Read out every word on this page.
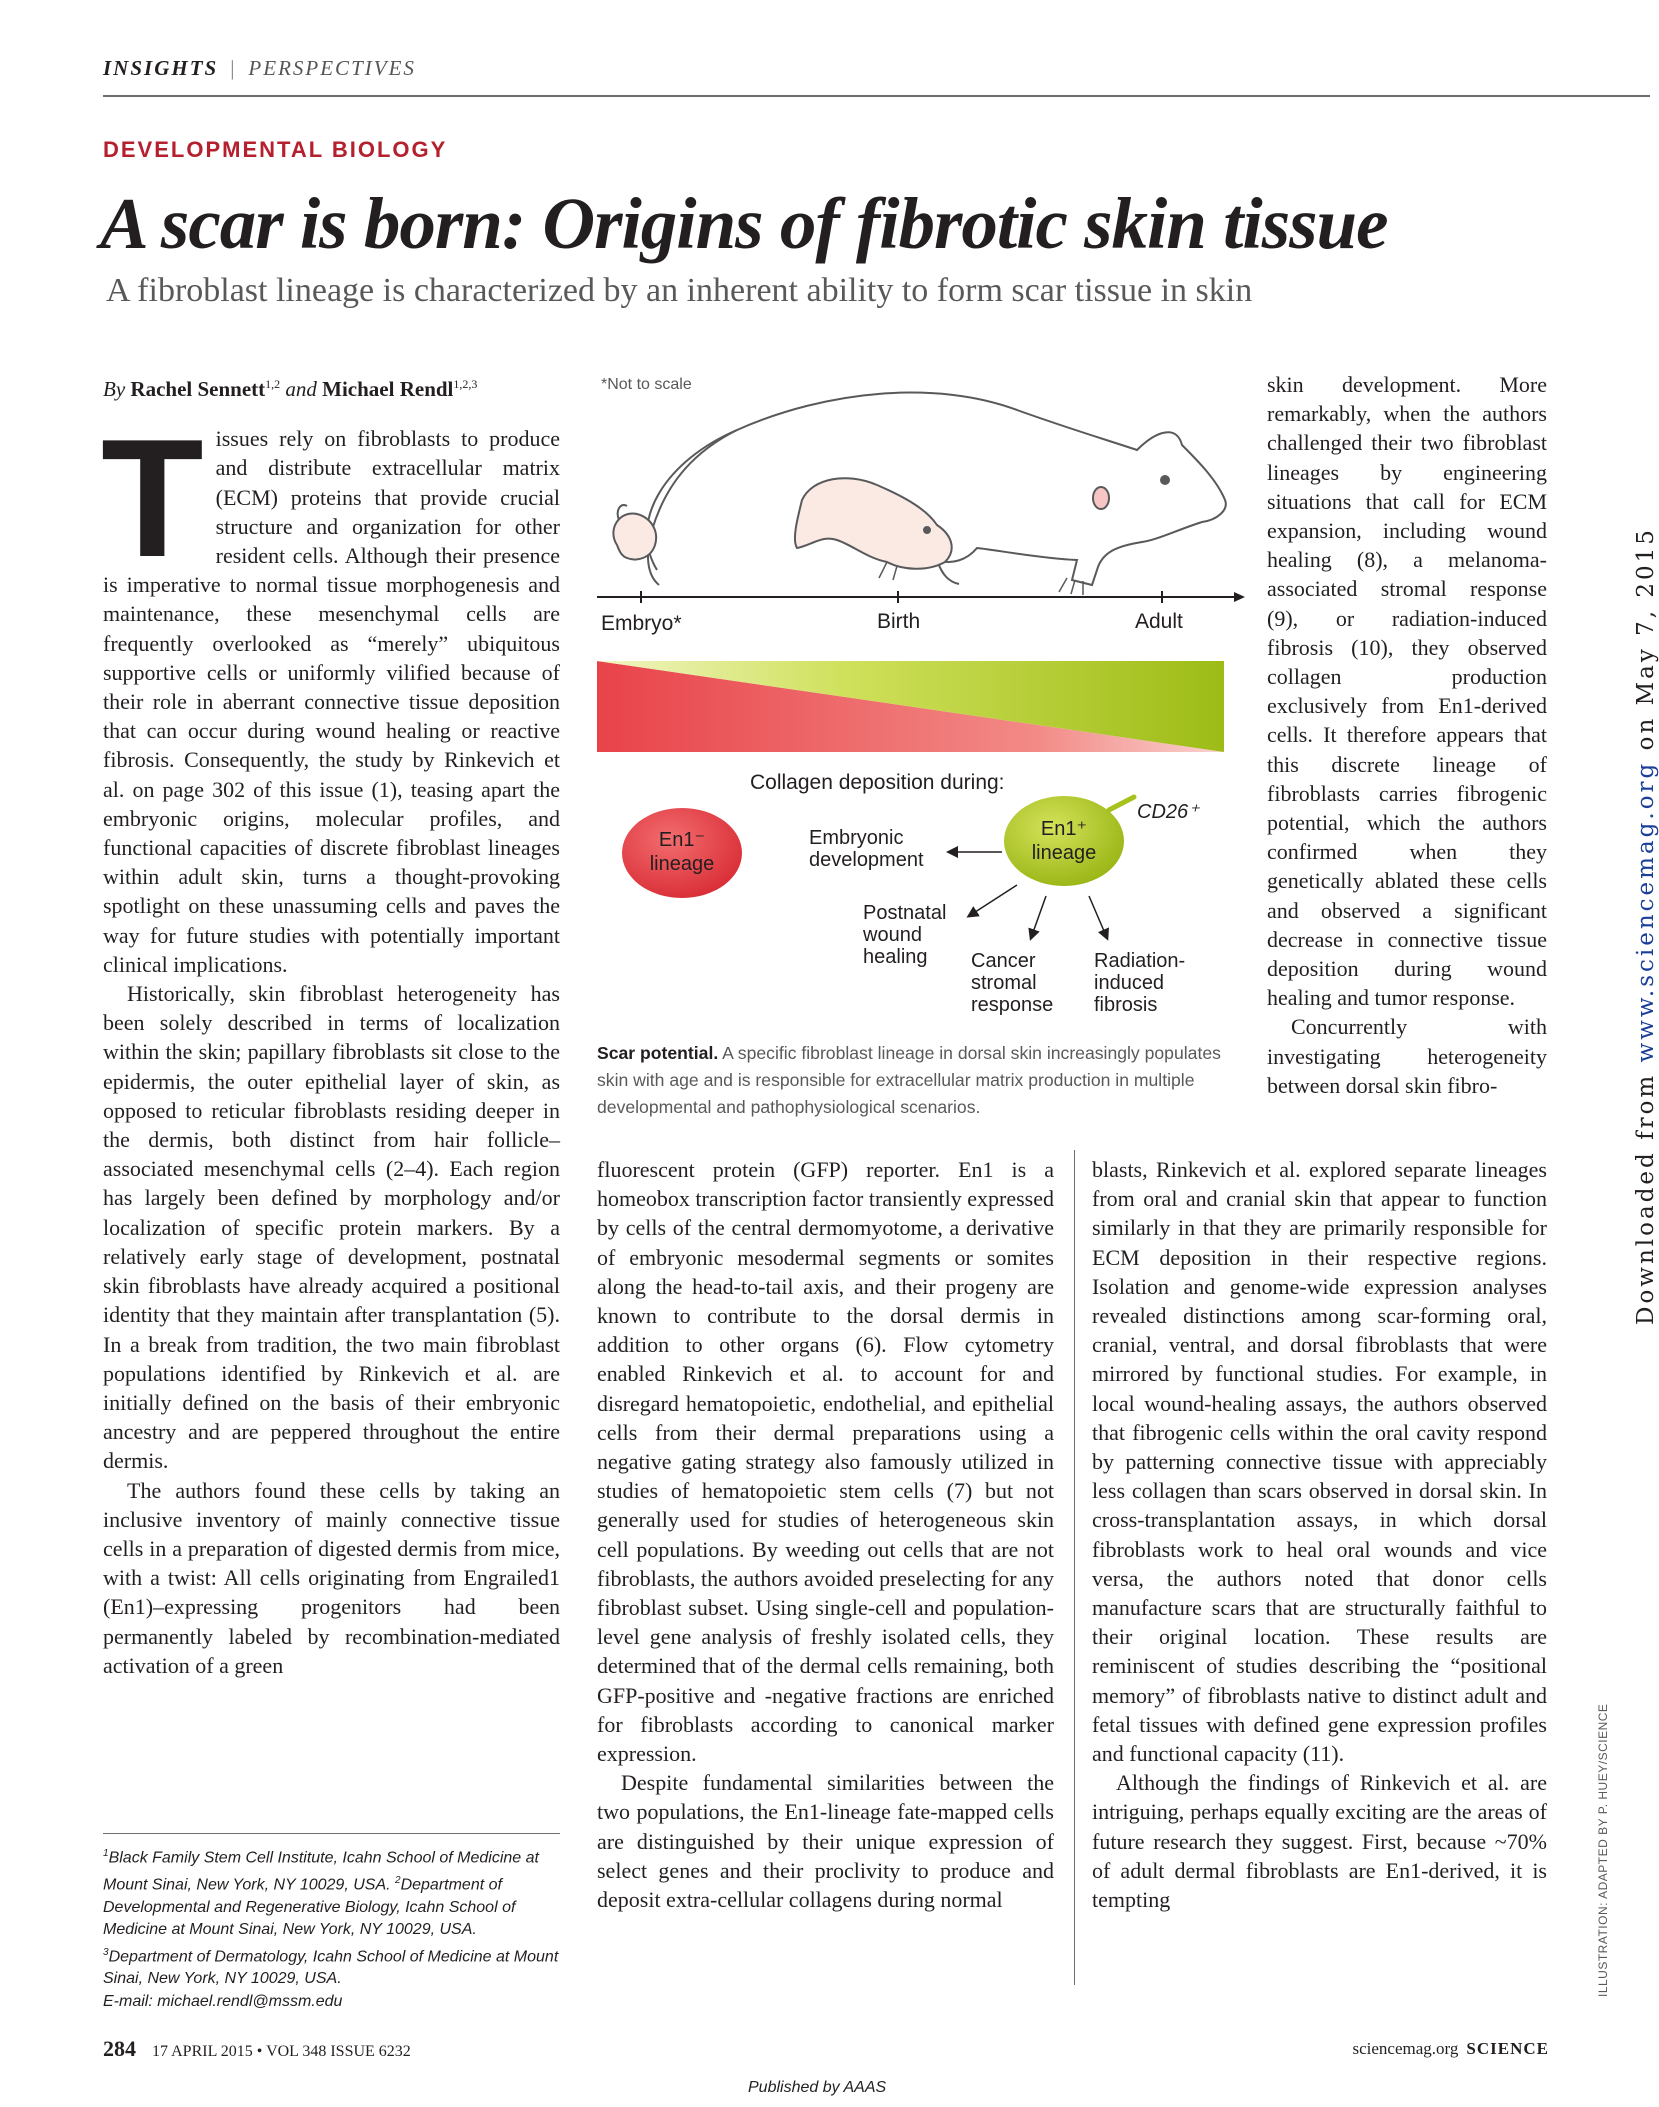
INSIGHTS | PERSPECTIVES
DEVELOPMENTAL BIOLOGY
A scar is born: Origins of fibrotic skin tissue
A fibroblast lineage is characterized by an inherent ability to form scar tissue in skin

By Rachel Sennett$^{1,2}$ and Michael Rendl$^{1,2,3}$

Tissues rely on fibroblasts to produce and distribute extracellular matrix (ECM) proteins that provide crucial structure and organization for other resident cells. Although their presence is imperative to normal tissue morphogenesis and maintenance, these mesenchymal cells are frequently overlooked as “merely” ubiquitous supportive cells or uniformly vilified because of their role in aberrant connective tissue deposition that can occur during wound healing or reactive fibrosis. Consequently, the study by Rinkevich et al. on page 302 of this issue (1), teasing apart the embryonic origins, molecular profiles, and functional capacities of discrete fibroblast lineages within adult skin, turns a thought-provoking spotlight on these unassuming cells and paves the way for future studies with potentially important clinical implications.

Historically, skin fibroblast heterogeneity has been solely described in terms of localization within the skin; papillary fibroblasts sit close to the epidermis, the outer epithelial layer of skin, as opposed to reticular fibroblasts residing deeper in the dermis, both distinct from hair follicle–associated mesenchymal cells (2–4). Each region has largely been defined by morphology and/or localization of specific protein markers. By a relatively early stage of development, postnatal skin fibroblasts have already acquired a positional identity that they maintain after transplantation (5). In a break from tradition, the two main fibroblast populations identified by Rinkevich et al. are initially defined on the basis of their embryonic ancestry and are peppered throughout the entire dermis.

The authors found these cells by taking an inclusive inventory of mainly connective tissue cells in a preparation of digested dermis from mice, with a twist: All cells originating from Engrailed1 (En1)–expressing progenitors had been permanently labeled by recombination-mediated activation of a green

*Not to scale
Embryo*	Birth	Adult
Collagen deposition during:
En1⁻
lineage
En1⁺
lineage
CD26⁺
Embryonic
development
Postnatal
wound
healing Cancer
stromal
response
Radiation-
induced
fibrosis
Scar potential. A specific fibroblast lineage in dorsal skin increasingly populates skin with age and is responsible for extracellular matrix production in multiple developmental and pathophysiological scenarios.

skin development. More remarkably, when the authors challenged their two fibroblast lineages by engineering situations that call for ECM expansion, including wound healing (8), a melanoma-associated stromal response (9), or radiation-induced fibrosis (10), they observed collagen production exclusively from En1-derived cells. It therefore appears that this discrete lineage of fibroblasts carries fibrogenic potential, which the authors confirmed when they genetically ablated these cells and observed a significant decrease in connective tissue deposition during wound healing and tumor response.

Concurrently with investigating heterogeneity between dorsal skin fibro-

fluorescent protein (GFP) reporter. En1 is a homeobox transcription factor transiently expressed by cells of the central dermomyotome, a derivative of embryonic mesodermal segments or somites along the head-to-tail axis, and their progeny are known to contribute to the dorsal dermis in addition to other organs (6). Flow cytometry enabled Rinkevich et al. to account for and disregard hematopoietic, endothelial, and epithelial cells from their dermal preparations using a negative gating strategy also famously utilized in studies of hematopoietic stem cells (7) but not generally used for studies of heterogeneous skin cell populations. By weeding out cells that are not fibroblasts, the authors avoided preselecting for any fibroblast subset. Using single-cell and population-level gene analysis of freshly isolated cells, they determined that of the dermal cells remaining, both GFP-positive and -negative fractions are enriched for fibroblasts according to canonical marker expression.

Despite fundamental similarities between the two populations, the En1-lineage fate-mapped cells are distinguished by their unique expression of select genes and their proclivity to produce and deposit extra-cellular collagens during normal

blasts, Rinkevich et al. explored separate lineages from oral and cranial skin that appear to function similarly in that they are primarily responsible for ECM deposition in their respective regions. Isolation and genome-wide expression analyses revealed distinctions among scar-forming oral, cranial, ventral, and dorsal fibroblasts that were mirrored by functional studies. For example, in local wound-healing assays, the authors observed that fibrogenic cells within the oral cavity respond by patterning connective tissue with appreciably less collagen than scars observed in dorsal skin. In cross-transplantation assays, in which dorsal fibroblasts work to heal oral wounds and vice versa, the authors noted that donor cells manufacture scars that are structurally faithful to their original location. These results are reminiscent of studies describing the “positional memory” of fibroblasts native to distinct adult and fetal tissues with defined gene expression profiles and functional capacity (11).

Although the findings of Rinkevich et al. are intriguing, perhaps equally exciting are the areas of future research they suggest. First, because ~70% of adult dermal fibroblasts are En1-derived, it is tempting

$^1$Black Family Stem Cell Institute, Icahn School of Medicine at Mount Sinai, New York, NY 10029, USA. $^2$Department of Developmental and Regenerative Biology, Icahn School of Medicine at Mount Sinai, New York, NY 10029, USA.
$^3$Department of Dermatology, Icahn School of Medicine at Mount Sinai, New York, NY 10029, USA.
E-mail: michael.rendl@mssm.edu
Downloaded from www.sciencemag.org on May 7, 2015
ILLUSTRATION: ADAPTED BY P. HUEY/SCIENCE
284 17 APRIL 2015 • VOL 348 ISSUE 6232	sciencemag.org SCIENCE
Published by AAAS
